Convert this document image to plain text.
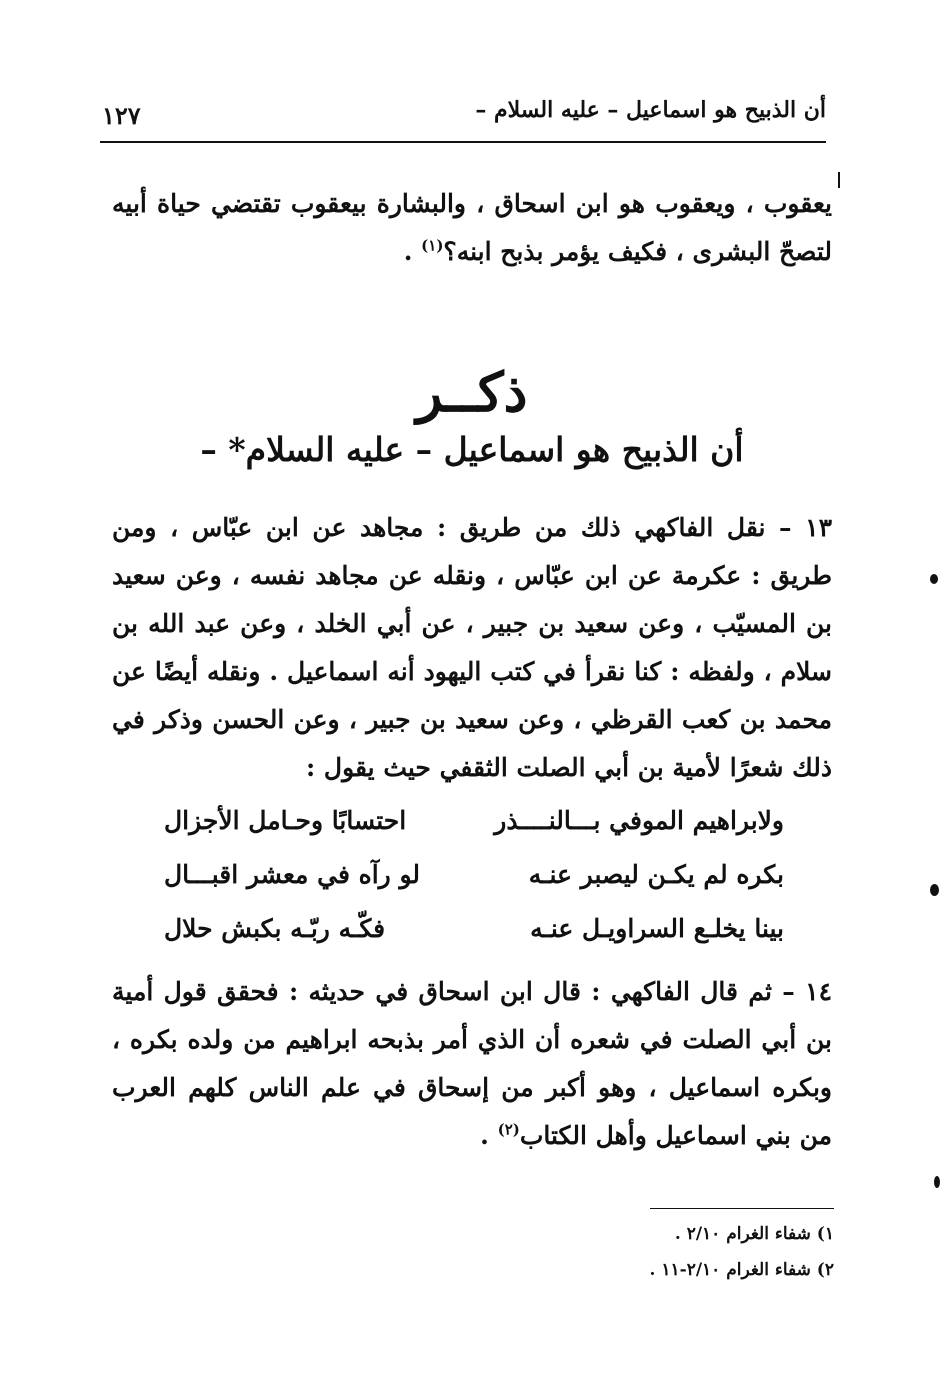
أن الذبيح هو اسماعيل – عليه السلام –
١٢٧

يعقوب ، ويعقوب هو ابن اسحاق ، والبشارة بيعقوب تقتضي حياة أبيه لتصحّ البشرى ، فكيف يؤمر بذبح ابنه؟$^{(١)}$ .

ذكــر
أن الذبيح هو اسماعيل – عليه السلام* –

١٣ – نقل الفاكهي ذلك من طريق : مجاهد عن ابن عبّاس ، ومن طريق : عكرمة عن ابن عبّاس ، ونقله عن مجاهد نفسه ، وعن سعيد بن المسيّب ، وعن سعيد بن جبير ، عن أبي الخلد ، وعن عبد الله بن سلام ، ولفظه : كنا نقرأ في كتب اليهود أنه اسماعيل . ونقله أيضًا عن محمد بن كعب القرظي ، وعن سعيد بن جبير ، وعن الحسن وذكر في ذلك شعرًا لأمية بن أبي الصلت الثقفي حيث يقول :

ولابراهيم الموفي بـــالنــــذر
احتسابًا وحـامل الأجزال
بكره لم يكـن ليصبر عنـه
لو رآه في معشر اقبـــال
بينا يخلـع السراويـل عنـه
فكّـه ربّـه بكبش حلال

١٤ – ثم قال الفاكهي : قال ابن اسحاق في حديثه : فحقق قول أمية بن أبي الصلت في شعره أن الذي أمر بذبحه ابراهيم من ولده بكره ، وبكره اسماعيل ، وهو أكبر من إسحاق في علم الناس كلهم العرب من بني اسماعيل وأهل الكتاب$^{(٢)}$ .

١) شفاء الغرام ٢/١٠ .
٢) شفاء الغرام ٢/١٠-١١ .
